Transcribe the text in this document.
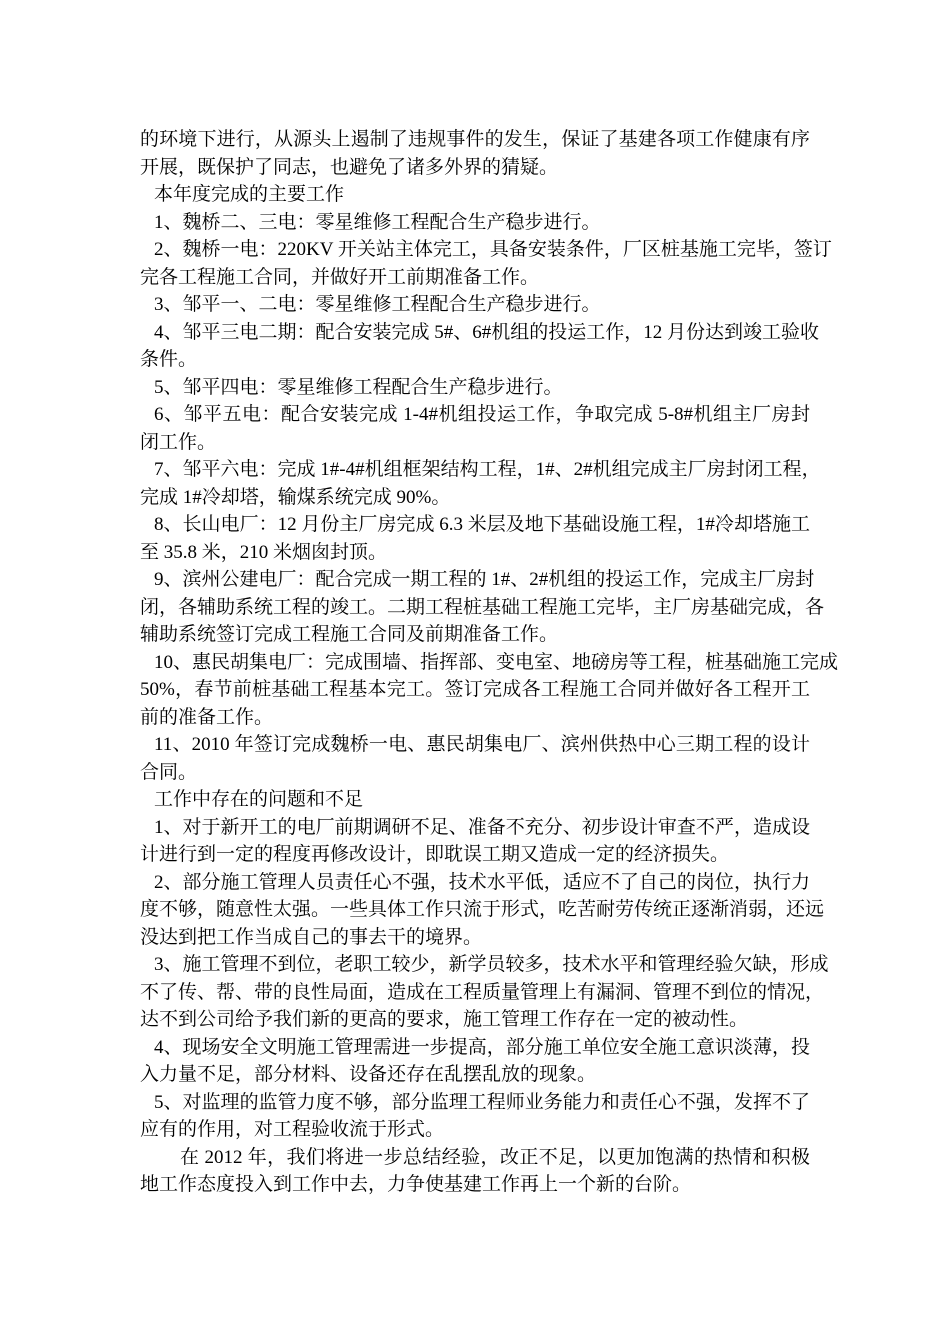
的环境下进行，从源头上遏制了违规事件的发生，保证了基建各项工作健康有序
开展，既保护了同志，也避免了诸多外界的猜疑。
本年度完成的主要工作
1、魏桥二、三电：零星维修工程配合生产稳步进行。
2、魏桥一电：220KV 开关站主体完工，具备安装条件，厂区桩基施工完毕，签订
完各工程施工合同，并做好开工前期准备工作。
3、邹平一、二电：零星维修工程配合生产稳步进行。
4、邹平三电二期：配合安装完成 5#、6#机组的投运工作，12 月份达到竣工验收
条件。
5、邹平四电：零星维修工程配合生产稳步进行。
6、邹平五电：配合安装完成 1-4#机组投运工作，争取完成 5-8#机组主厂房封
闭工作。
7、邹平六电：完成 1#-4#机组框架结构工程，1#、2#机组完成主厂房封闭工程，
完成 1#冷却塔，输煤系统完成 90%。
8、长山电厂：12 月份主厂房完成 6.3 米层及地下基础设施工程，1#冷却塔施工
至 35.8 米，210 米烟囱封顶。
9、滨州公建电厂：配合完成一期工程的 1#、2#机组的投运工作，完成主厂房封
闭，各辅助系统工程的竣工。二期工程桩基础工程施工完毕，主厂房基础完成，各
辅助系统签订完成工程施工合同及前期准备工作。
10、惠民胡集电厂：完成围墙、指挥部、变电室、地磅房等工程，桩基础施工完成
50%，春节前桩基础工程基本完工。签订完成各工程施工合同并做好各工程开工
前的准备工作。
11、2010 年签订完成魏桥一电、惠民胡集电厂、滨州供热中心三期工程的设计
合同。
工作中存在的问题和不足
1、对于新开工的电厂前期调研不足、准备不充分、初步设计审查不严，造成设
计进行到一定的程度再修改设计，即耽误工期又造成一定的经济损失。
2、部分施工管理人员责任心不强，技术水平低，适应不了自己的岗位，执行力
度不够，随意性太强。一些具体工作只流于形式，吃苦耐劳传统正逐渐消弱，还远
没达到把工作当成自己的事去干的境界。
3、施工管理不到位，老职工较少，新学员较多，技术水平和管理经验欠缺，形成
不了传、帮、带的良性局面，造成在工程质量管理上有漏洞、管理不到位的情况，
达不到公司给予我们新的更高的要求，施工管理工作存在一定的被动性。
4、现场安全文明施工管理需进一步提高，部分施工单位安全施工意识淡薄，投
入力量不足，部分材料、设备还存在乱摆乱放的现象。
5、对监理的监管力度不够，部分监理工程师业务能力和责任心不强，发挥不了
应有的作用，对工程验收流于形式。
在 2012 年，我们将进一步总结经验，改正不足，以更加饱满的热情和积极
地工作态度投入到工作中去，力争使基建工作再上一个新的台阶。
